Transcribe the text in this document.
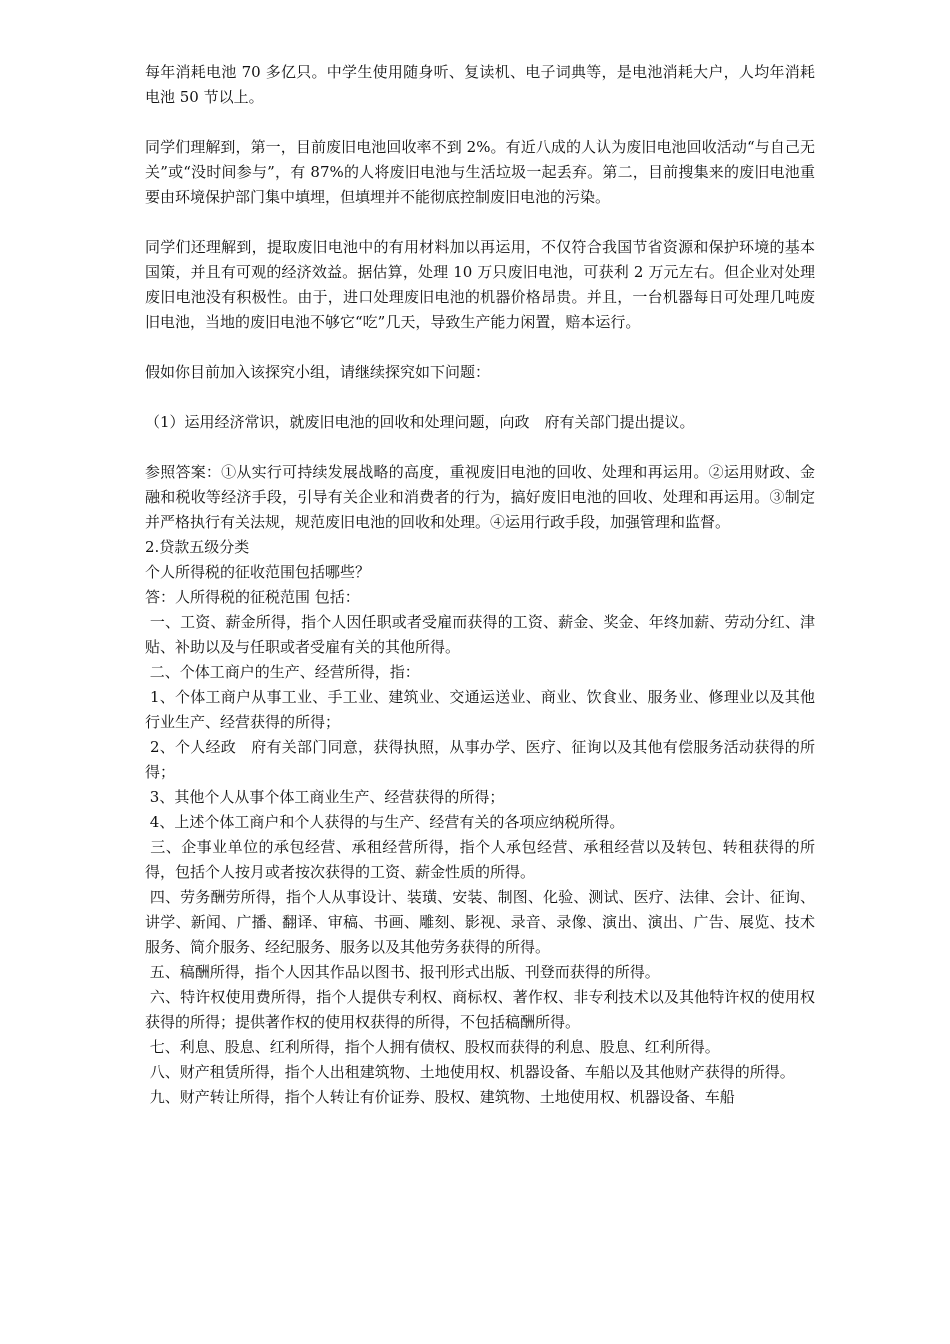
每年消耗电池 70 多亿只。中学生使用随身听、复读机、电子词典等，是电池消耗大户，人均年消耗电池 50 节以上。

同学们理解到，第一，目前废旧电池回收率不到 2%。有近八成的人认为废旧电池回收活动“与自己无关”或“没时间参与”，有 87%的人将废旧电池与生活垃圾一起丢弃。第二，目前搜集来的废旧电池重要由环境保护部门集中填埋，但填埋并不能彻底控制废旧电池的污染。

同学们还理解到，提取废旧电池中的有用材料加以再运用，不仅符合我国节省资源和保护环境的基本国策，并且有可观的经济效益。据估算，处理 10 万只废旧电池，可获利 2 万元左右。但企业对处理废旧电池没有积极性。由于，进口处理废旧电池的机器价格昂贵。并且，一台机器每日可处理几吨废旧电池，当地的废旧电池不够它“吃”几天，导致生产能力闲置，赔本运行。

假如你目前加入该探究小组，请继续探究如下问题：

（1）运用经济常识，就废旧电池的回收和处理问题，向政　府有关部门提出提议。

参照答案：①从实行可持续发展战略的高度，重视废旧电池的回收、处理和再运用。②运用财政、金融和税收等经济手段，引导有关企业和消费者的行为，搞好废旧电池的回收、处理和再运用。③制定并严格执行有关法规，规范废旧电池的回收和处理。④运用行政手段，加强管理和监督。

2.贷款五级分类

个人所得税的征收范围包括哪些？

答：人所得税的征税范围 包括：

一、工资、薪金所得，指个人因任职或者受雇而获得的工资、薪金、奖金、年终加薪、劳动分红、津贴、补助以及与任职或者受雇有关的其他所得。

二、个体工商户的生产、经营所得，指：

1、个体工商户从事工业、手工业、建筑业、交通运送业、商业、饮食业、服务业、修理业以及其他行业生产、经营获得的所得；

2、个人经政　府有关部门同意，获得执照，从事办学、医疗、征询以及其他有偿服务活动获得的所得；

3、其他个人从事个体工商业生产、经营获得的所得；

4、上述个体工商户和个人获得的与生产、经营有关的各项应纳税所得。

三、企事业单位的承包经营、承租经营所得，指个人承包经营、承租经营以及转包、转租获得的所得，包括个人按月或者按次获得的工资、薪金性质的所得。

四、劳务酬劳所得，指个人从事设计、装璜、安装、制图、化验、测试、医疗、法律、会计、征询、讲学、新闻、广播、翻译、审稿、书画、雕刻、影视、录音、录像、演出、演出、广告、展览、技术服务、简介服务、经纪服务、服务以及其他劳务获得的所得。

五、稿酬所得，指个人因其作品以图书、报刊形式出版、刊登而获得的所得。

六、特许权使用费所得，指个人提供专利权、商标权、著作权、非专利技术以及其他特许权的使用权获得的所得；提供著作权的使用权获得的所得，不包括稿酬所得。

七、利息、股息、红利所得，指个人拥有债权、股权而获得的利息、股息、红利所得。

八、财产租赁所得，指个人出租建筑物、土地使用权、机器设备、车船以及其他财产获得的所得。

九、财产转让所得，指个人转让有价证券、股权、建筑物、土地使用权、机器设备、车船
